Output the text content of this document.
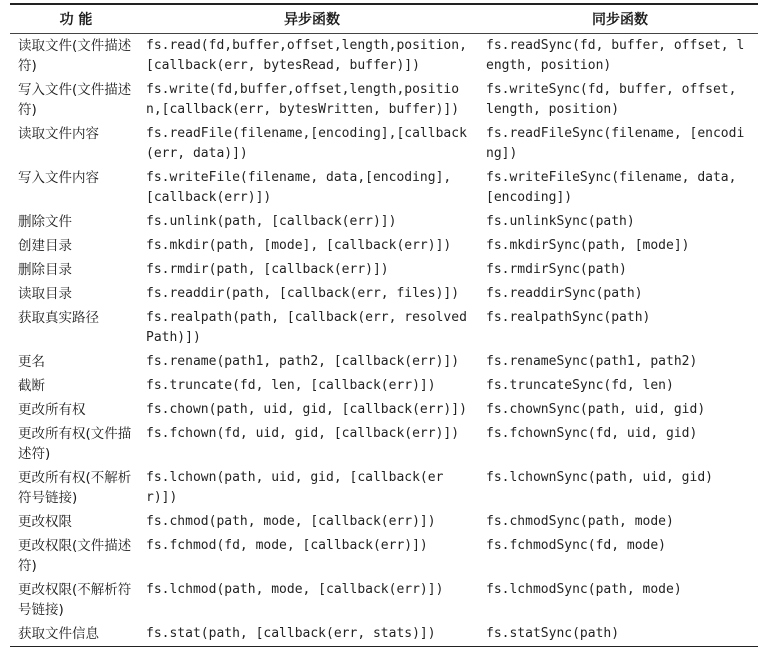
功 能	异步函数	同步函数
读取文件(文件描述符)	fs.read(fd,buffer,offset,length,position,[callback(err, bytesRead, buffer)])	fs.readSync(fd, buffer, offset, length, position)
写入文件(文件描述符)	fs.write(fd,buffer,offset,length,position,[callback(err, bytesWritten, buffer)])	fs.writeSync(fd, buffer, offset, length, position)
读取文件内容	fs.readFile(filename,[encoding],[callback(err, data)])	fs.readFileSync(filename, [encoding])
写入文件内容	fs.writeFile(filename, data,[encoding], [callback(err)])	fs.writeFileSync(filename, data, [encoding])
删除文件	fs.unlink(path, [callback(err)])	fs.unlinkSync(path)
创建目录	fs.mkdir(path, [mode], [callback(err)])	fs.mkdirSync(path, [mode])
删除目录	fs.rmdir(path, [callback(err)])	fs.rmdirSync(path)
读取目录	fs.readdir(path, [callback(err, files)])	fs.readdirSync(path)
获取真实路径	fs.realpath(path, [callback(err, resolvedPath)])	fs.realpathSync(path)
更名	fs.rename(path1, path2, [callback(err)])	fs.renameSync(path1, path2)
截断	fs.truncate(fd, len, [callback(err)])	fs.truncateSync(fd, len)
更改所有权	fs.chown(path, uid, gid, [callback(err)])	fs.chownSync(path, uid, gid)
更改所有权(文件描述符)	fs.fchown(fd, uid, gid, [callback(err)])	fs.fchownSync(fd, uid, gid)
更改所有权(不解析符号链接)	fs.lchown(path, uid, gid, [callback(err)])	fs.lchownSync(path, uid, gid)
更改权限	fs.chmod(path, mode, [callback(err)])	fs.chmodSync(path, mode)
更改权限(文件描述符)	fs.fchmod(fd, mode, [callback(err)])	fs.fchmodSync(fd, mode)
更改权限(不解析符号链接)	fs.lchmod(path, mode, [callback(err)])	fs.lchmodSync(path, mode)
获取文件信息	fs.stat(path, [callback(err, stats)])	fs.statSync(path)
